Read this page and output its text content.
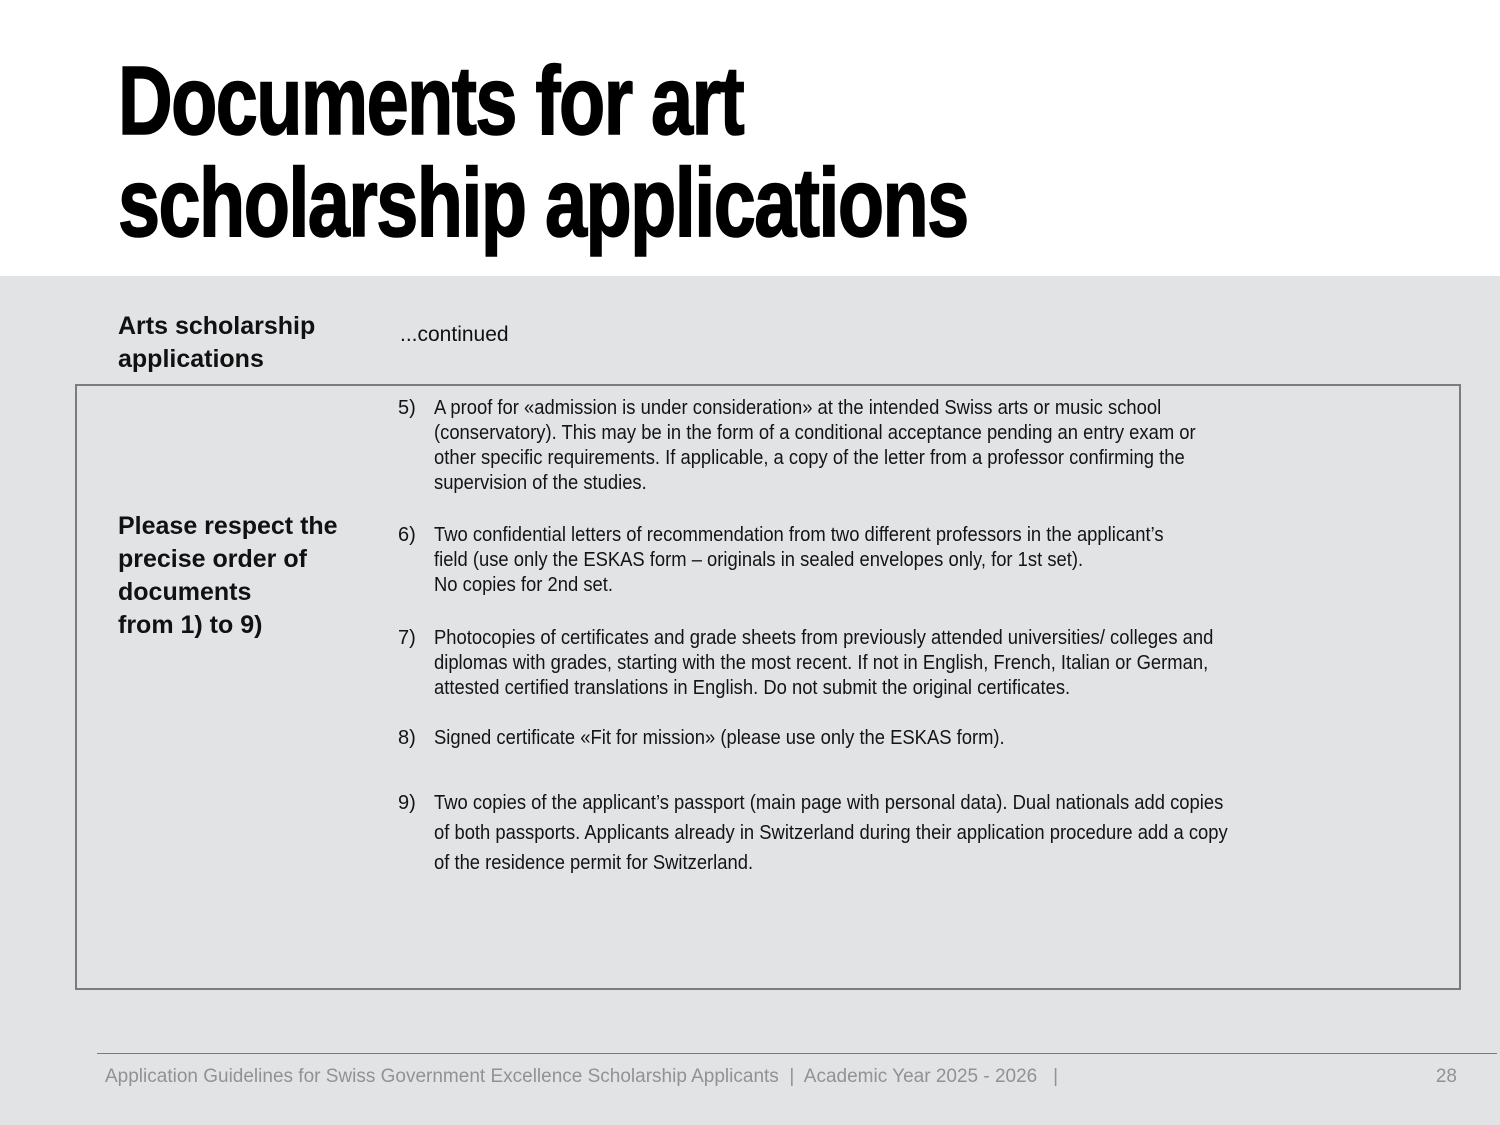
Documents for art
scholarship applications
Arts scholarship
applications
...continued
Please respect the
precise order of
documents
from 1) to 9)
5) A proof for «admission is under consideration» at the intended Swiss arts or music school
(conservatory). This may be in the form of a conditional acceptance pending an entry exam or
other specific requirements. If applicable, a copy of the letter from a professor confirming the
supervision of the studies.
6) Two confidential letters of recommendation from two different professors in the applicant’s
field (use only the ESKAS form – originals in sealed envelopes only, for 1st set).
No copies for 2nd set.
7) Photocopies of certificates and grade sheets from previously attended universities/ colleges and
diplomas with grades, starting with the most recent. If not in English, French, Italian or German,
attested certified translations in English. Do not submit the original certificates.
8) Signed certificate «Fit for mission» (please use only the ESKAS form).
9) Two copies of the applicant’s passport (main page with personal data). Dual nationals add copies
of both passports. Applicants already in Switzerland during their application procedure add a copy
of the residence permit for Switzerland.
Application Guidelines for Swiss Government Excellence Scholarship Applicants  |  Academic Year 2025 - 2026   |	28
